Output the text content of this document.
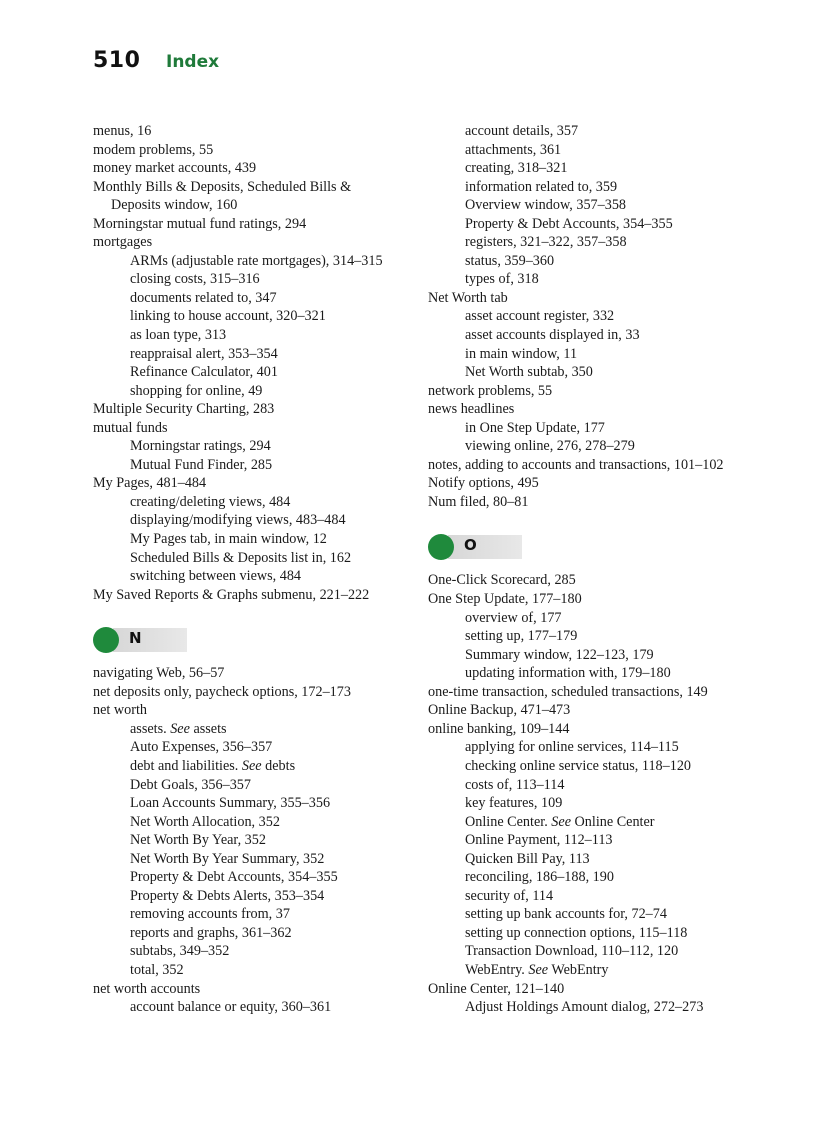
510 Index
menus, 16
modem problems, 55
money market accounts, 439
Monthly Bills & Deposits, Scheduled Bills &
Deposits window, 160
Morningstar mutual fund ratings, 294
mortgages
ARMs (adjustable rate mortgages), 314–315
closing costs, 315–316
documents related to, 347
linking to house account, 320–321
as loan type, 313
reappraisal alert, 353–354
Refinance Calculator, 401
shopping for online, 49
Multiple Security Charting, 283
mutual funds
Morningstar ratings, 294
Mutual Fund Finder, 285
My Pages, 481–484
creating/deleting views, 484
displaying/modifying views, 483–484
My Pages tab, in main window, 12
Scheduled Bills & Deposits list in, 162
switching between views, 484
My Saved Reports & Graphs submenu, 221–222
N
navigating Web, 56–57
net deposits only, paycheck options, 172–173
net worth
assets. See assets
Auto Expenses, 356–357
debt and liabilities. See debts
Debt Goals, 356–357
Loan Accounts Summary, 355–356
Net Worth Allocation, 352
Net Worth By Year, 352
Net Worth By Year Summary, 352
Property & Debt Accounts, 354–355
Property & Debts Alerts, 353–354
removing accounts from, 37
reports and graphs, 361–362
subtabs, 349–352
total, 352
net worth accounts
account balance or equity, 360–361
account details, 357
attachments, 361
creating, 318–321
information related to, 359
Overview window, 357–358
Property & Debt Accounts, 354–355
registers, 321–322, 357–358
status, 359–360
types of, 318
Net Worth tab
asset account register, 332
asset accounts displayed in, 33
in main window, 11
Net Worth subtab, 350
network problems, 55
news headlines
in One Step Update, 177
viewing online, 276, 278–279
notes, adding to accounts and transactions, 101–102
Notify options, 495
Num filed, 80–81
O
One-Click Scorecard, 285
One Step Update, 177–180
overview of, 177
setting up, 177–179
Summary window, 122–123, 179
updating information with, 179–180
one-time transaction, scheduled transactions, 149
Online Backup, 471–473
online banking, 109–144
applying for online services, 114–115
checking online service status, 118–120
costs of, 113–114
key features, 109
Online Center. See Online Center
Online Payment, 112–113
Quicken Bill Pay, 113
reconciling, 186–188, 190
security of, 114
setting up bank accounts for, 72–74
setting up connection options, 115–118
Transaction Download, 110–112, 120
WebEntry. See WebEntry
Online Center, 121–140
Adjust Holdings Amount dialog, 272–273
